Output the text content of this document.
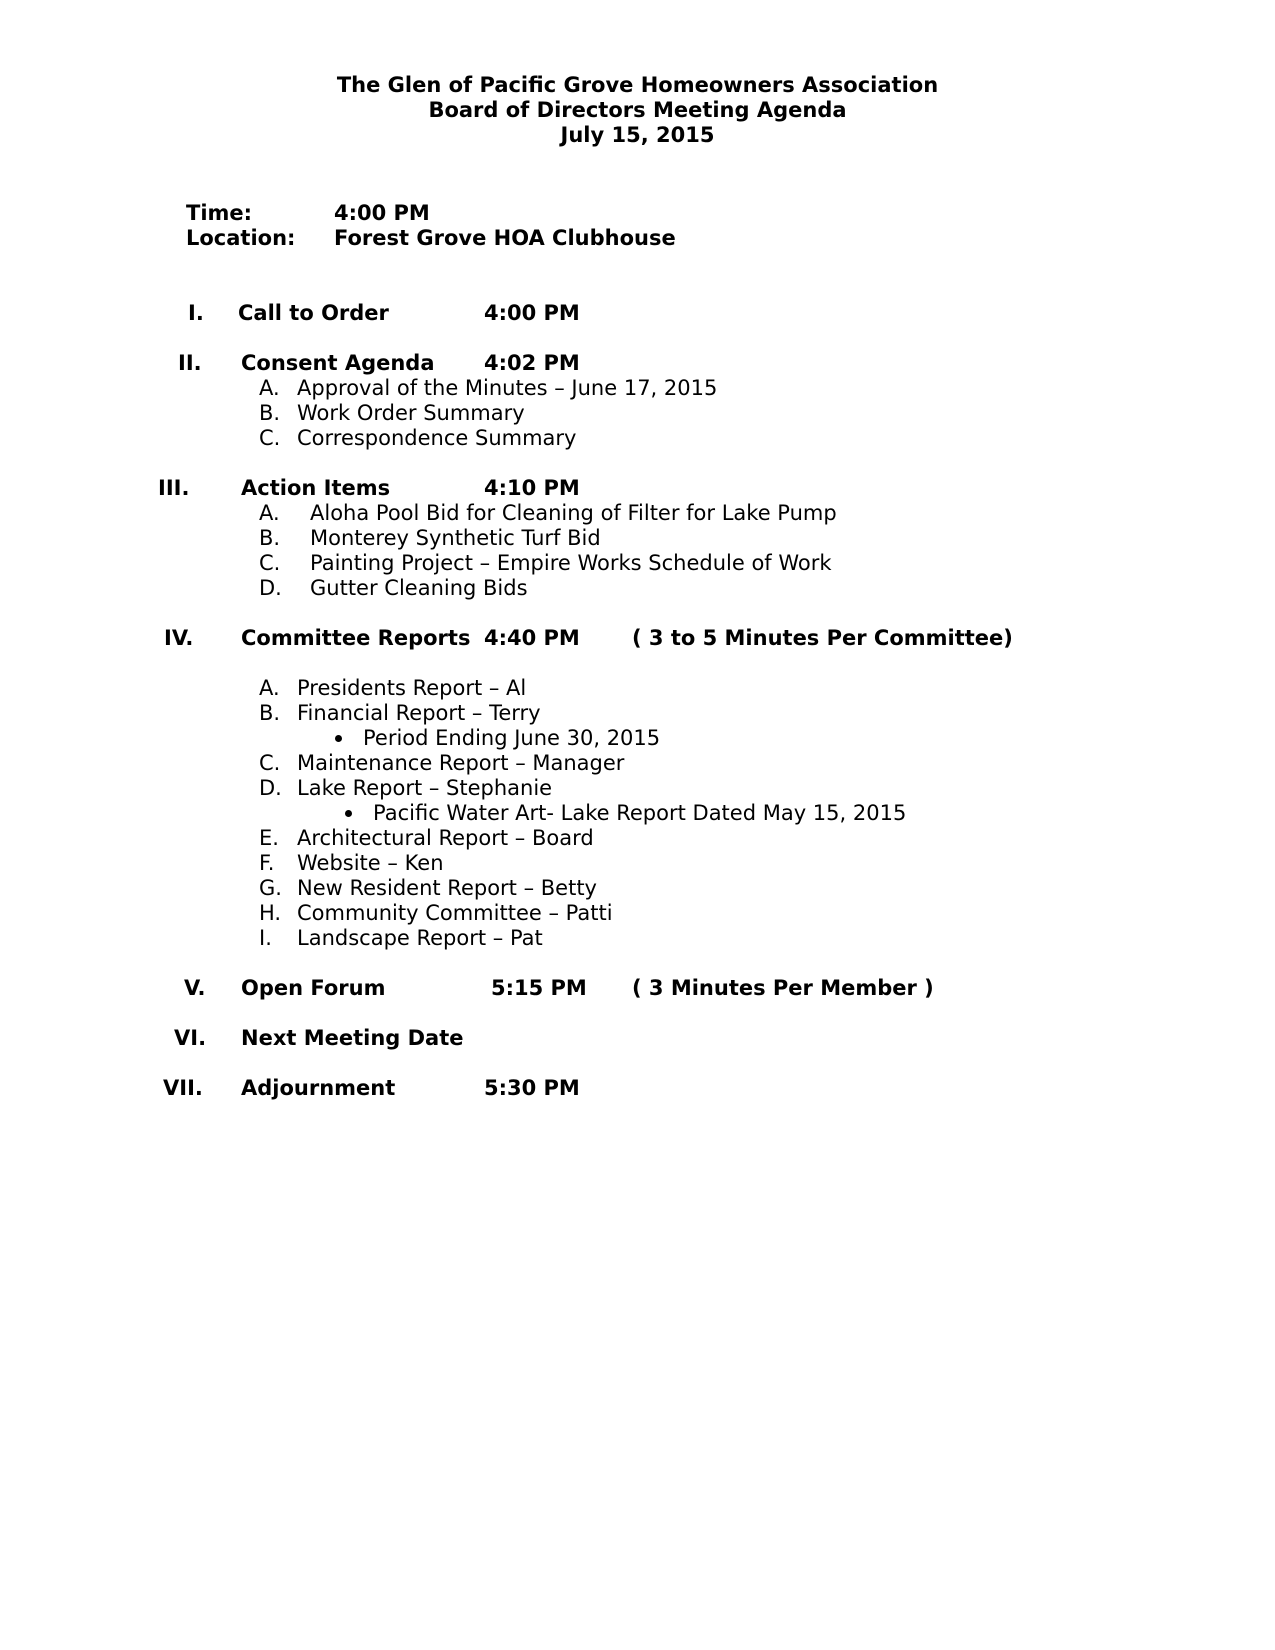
The Glen of Pacific Grove Homeowners Association
Board of Directors Meeting Agenda
July 15, 2015
Time:	4:00 PM
Location: Forest Grove HOA Clubhouse
I. Call to Order	4:00 PM
II. Consent Agenda 4:02 PM
A. Approval of the Minutes – June 17, 2015
B. Work Order Summary
C. Correspondence Summary
III. Action Items	4:10 PM
A. Aloha Pool Bid for Cleaning of Filter for Lake Pump
B. Monterey Synthetic Turf Bid
C. Painting Project – Empire Works Schedule of Work
D. Gutter Cleaning Bids
IV. Committee Reports 4:40 PM ( 3 to 5 Minutes Per Committee)
A. Presidents Report – Al
B. Financial Report – Terry
Period Ending June 30, 2015
C. Maintenance Report – Manager
D. Lake Report – Stephanie
Pacific Water Art- Lake Report Dated May 15, 2015
E. Architectural Report – Board
F. Website – Ken
G. New Resident Report – Betty
H. Community Committee – Patti
I. Landscape Report – Pat
V. Open Forum	5:15 PM ( 3 Minutes Per Member )
VI. Next Meeting Date
VII. Adjournment	5:30 PM
